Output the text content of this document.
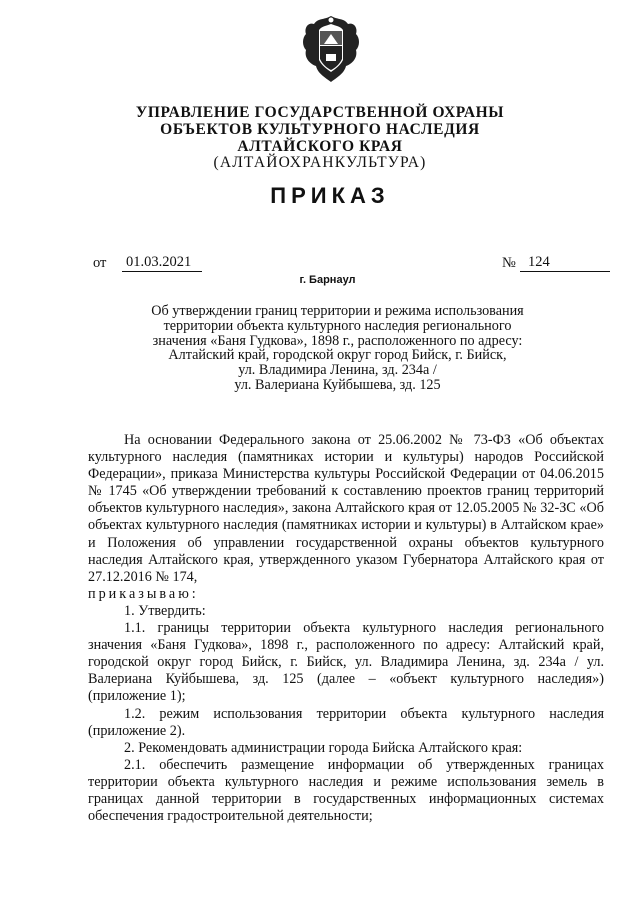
УПРАВЛЕНИЕ ГОСУДАРСТВЕННОЙ ОХРАНЫ
ОБЪЕКТОВ КУЛЬТУРНОГО НАСЛЕДИЯ
АЛТАЙСКОГО КРАЯ
(АЛТАЙОХРАНКУЛЬТУРА)
ПРИКАЗ
от 01.03.2021	№ 124
г. Барнаул
Об утверждении границ территории и режима использования
территории объекта культурного наследия регионального
значения «Баня Гудкова», 1898 г., расположенного по адресу:
Алтайский край, городской округ город Бийск, г. Бийск,
ул. Владимира Ленина, зд. 234а /
ул. Валериана Куйбышева, зд. 125

На основании Федерального закона от 25.06.2002 № 73-ФЗ «Об объектах культурного наследия (памятниках истории и культуры) народов Российской Федерации», приказа Министерства культуры Российской Федерации от 04.06.2015 № 1745 «Об утверждении требований к составлению проектов границ территорий объектов культурного наследия», закона Алтайского края от 12.05.2005 № 32-ЗС «Об объектах культурного наследия (памятниках истории и культуры) в Алтайском крае» и Положения об управлении государственной охраны объектов культурного наследия Алтайского края, утвержденного указом Губернатора Алтайского края от 27.12.2016 № 174,

приказываю:

1. Утвердить:

1.1. границы территории объекта культурного наследия регионального значения «Баня Гудкова», 1898 г., расположенного по адресу: Алтайский край, городской округ город Бийск, г. Бийск, ул. Владимира Ленина, зд. 234а / ул. Валериана Куйбышева, зд. 125 (далее – «объект культурного наследия») (приложение 1);

1.2. режим использования территории объекта культурного наследия (приложение 2).

2. Рекомендовать администрации города Бийска Алтайского края:

2.1. обеспечить размещение информации об утвержденных границах территории объекта культурного наследия и режиме использования земель в границах данной территории в государственных информационных системах обеспечения градостроительной деятельности;
